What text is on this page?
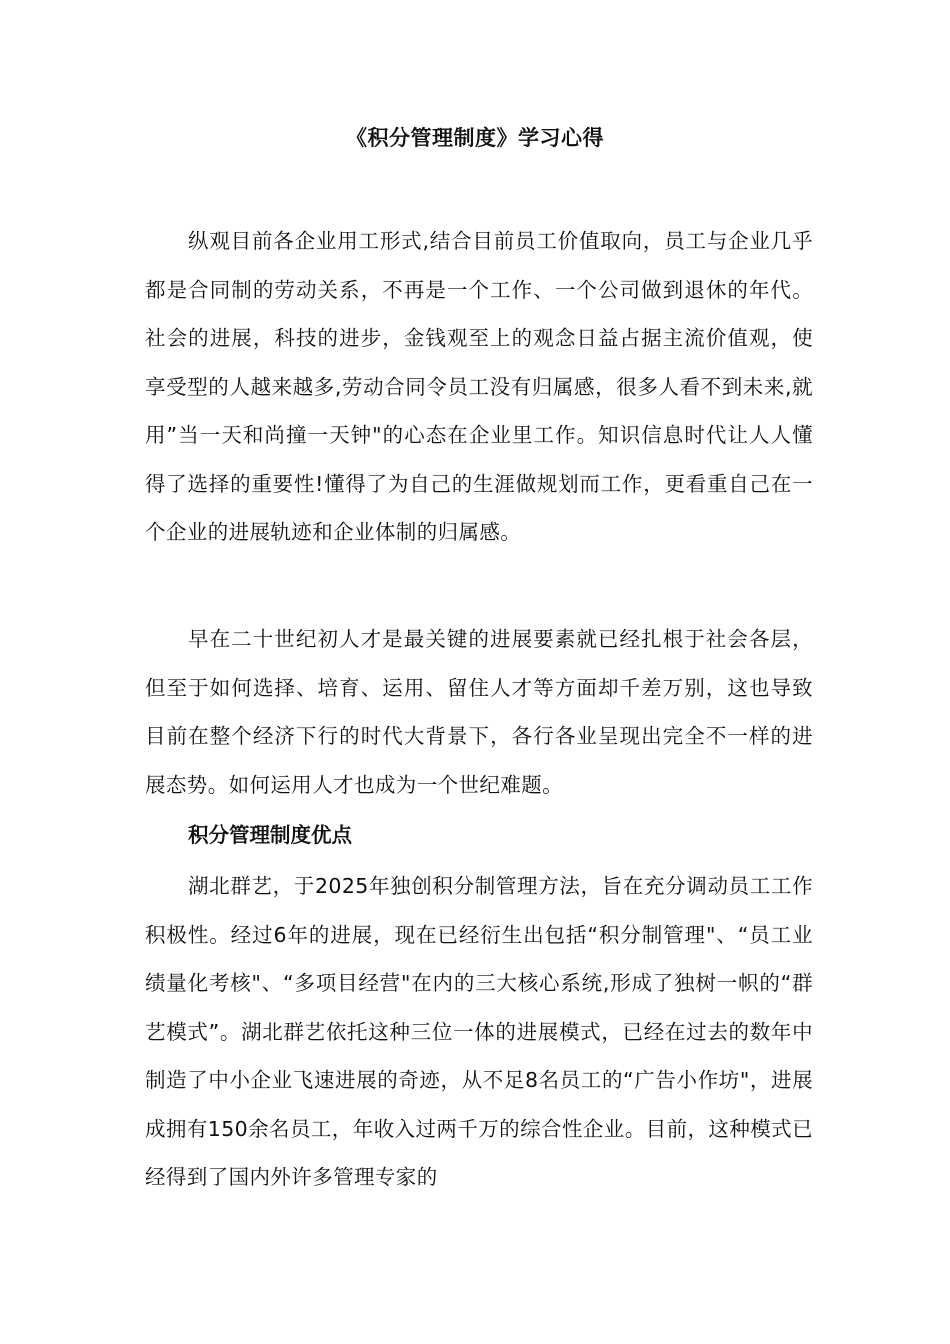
《积分管理制度》学习心得

纵观目前各企业用工形式,结合目前员工价值取向，员工与企业几乎都是合同制的劳动关系，不再是一个工作、一个公司做到退休的年代。社会的进展，科技的进步，金钱观至上的观念日益占据主流价值观，使享受型的人越来越多,劳动合同令员工没有归属感，很多人看不到未来,就用”当一天和尚撞一天钟"的心态在企业里工作。知识信息时代让人人懂得了选择的重要性!懂得了为自己的生涯做规划而工作，更看重自己在一个企业的进展轨迹和企业体制的归属感。

早在二十世纪初人才是最关键的进展要素就已经扎根于社会各层，但至于如何选择、培育、运用、留住人才等方面却千差万别，这也导致目前在整个经济下行的时代大背景下，各行各业呈现出完全不一样的进展态势。如何运用人才也成为一个世纪难题。

积分管理制度优点

湖北群艺，于2025年独创积分制管理方法，旨在充分调动员工工作积极性。经过6年的进展，现在已经衍生出包括“积分制管理"、“员工业绩量化考核"、“多项目经营"在内的三大核心系统,形成了独树一帜的“群艺模式”。湖北群艺依托这种三位一体的进展模式，已经在过去的数年中制造了中小企业飞速进展的奇迹，从不足8名员工的“广告小作坊"，进展成拥有150余名员工，年收入过两千万的综合性企业。目前，这种模式已经得到了国内外许多管理专家的
